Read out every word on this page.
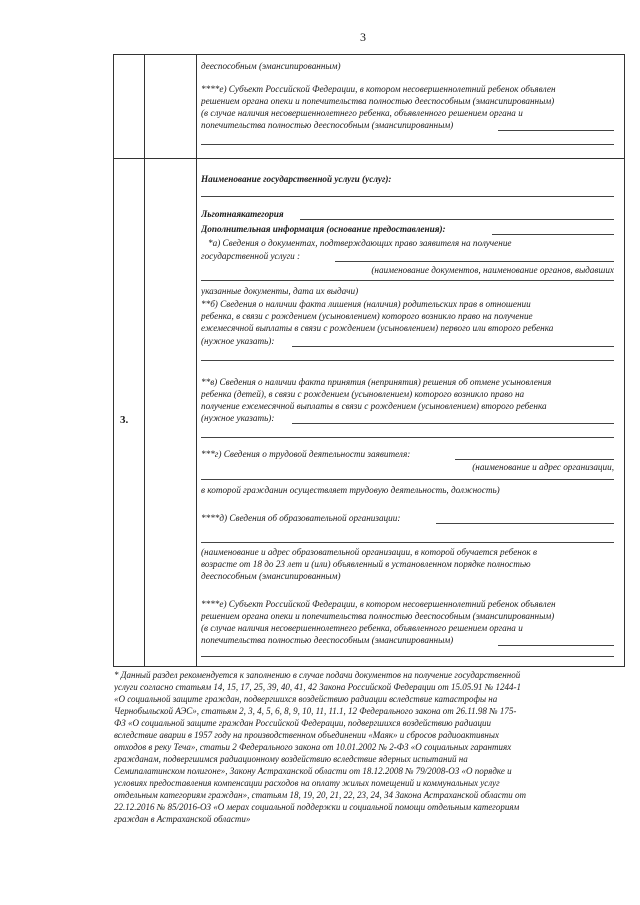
3
дееспособным (эмансипированным)
****е) Субъект Российской Федерации, в котором несовершеннолетний ребенок объявлен
решением органа опеки и попечительства полностью дееспособным (эмансипированным)
(в случае наличия несовершеннолетнего ребенка, объявленного решением органа и
попечительства полностью дееспособным (эмансипированным)
3.
Наименование государственной услуги (услуг):
Льготнаякатегория
Дополнительная информация (основание предоставления):
*а) Сведения о документах, подтверждающих право заявителя на получение
государственной услуги :
(наименование документов, наименование органов, выдавших
указанные документы, дата их выдачи)
**б) Сведения о наличии факта лишения (наличия) родительских прав в отношении
ребенка, в связи с рождением (усыновлением) которого возникло право на получение
ежемесячной выплаты в связи с рождением (усыновлением) первого или второго ребенка
(нужное указать):
**в) Сведения о наличии факта принятия (непринятия) решения об отмене усыновления
ребенка (детей), в связи с рождением (усыновлением) которого возникло право на
получение ежемесячной выплаты в связи с рождением (усыновлением) второго ребенка
(нужное указать):
***г) Сведения о трудовой деятельности заявителя:
(наименование и адрес организации,
в которой гражданин осуществляет трудовую деятельность, должность)
****д) Сведения об образовательной организации:
(наименование и адрес образовательной организации, в которой обучается ребенок в
возрасте от 18 до 23 лет и (или) объявленный в установленном порядке полностью
дееспособным (эмансипированным)
****е) Субъект Российской Федерации, в котором несовершеннолетний ребенок объявлен
решением органа опеки и попечительства полностью дееспособным (эмансипированным)
(в случае наличия несовершеннолетнего ребенка, объявленного решением органа и
попечительства полностью дееспособным (эмансипированным)
* Данный раздел рекомендуется к заполнению в случае подачи документов на получение государственной
услуги согласно статьям 14, 15, 17, 25, 39, 40, 41, 42 Закона Российской Федерации от 15.05.91 № 1244-1
«О социальной защите граждан, подвергшихся воздействию радиации вследствие катастрофы на
Чернобыльской АЭС», статьям 2, 3, 4, 5, 6, 8, 9, 10, 11, 11.1, 12 Федерального закона от 26.11.98 № 175-
ФЗ «О социальной защите граждан Российской Федерации, подвергшихся воздействию радиации
вследствие аварии в 1957 году на производственном объединении «Маяк» и сбросов радиоактивных
отходов в реку Теча», статьи 2 Федерального закона от 10.01.2002 № 2-ФЗ «О социальных гарантиях
гражданам, подвергшимся радиационному воздействию вследствие ядерных испытаний на
Семипалатинском полигоне», Закону Астраханской области от 18.12.2008 № 79/2008-ОЗ «О порядке и
условиях предоставления компенсации расходов на оплату жилых помещений и коммунальных услуг
отдельным категориям граждан», статьям 18, 19, 20, 21, 22, 23, 24, 34 Закона Астраханской области от
22.12.2016 № 85/2016-ОЗ «О мерах социальной поддержки и социальной помощи отдельным категориям
граждан в Астраханской области»
